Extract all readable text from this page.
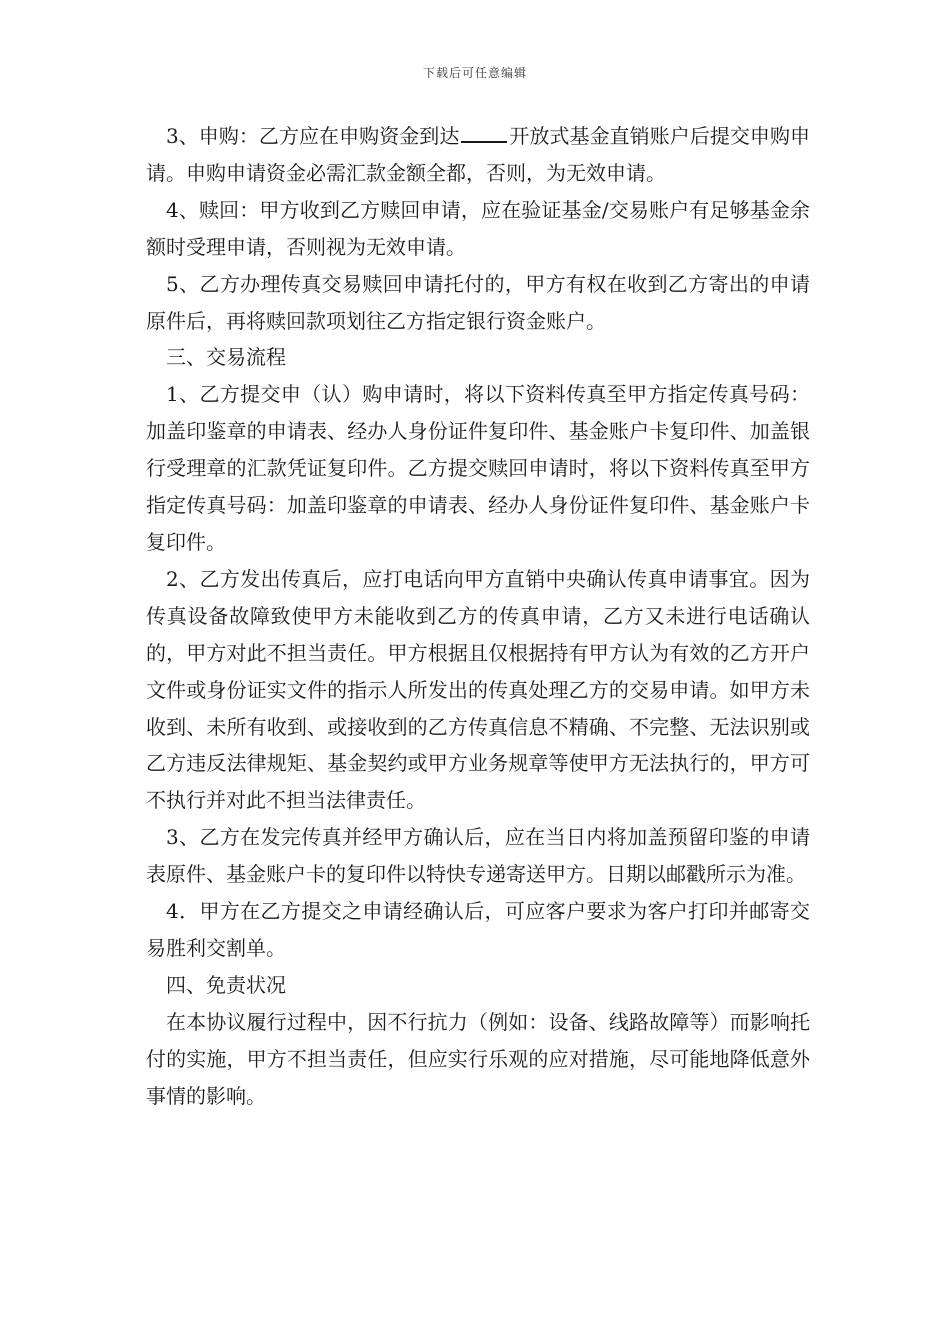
下载后可任意编辑

3、申购：乙方应在申购资金到达	开放式基金直销账户后提交申购申请。申购申请资金必需汇款金额全都，否则，为无效申请。

4、赎回：甲方收到乙方赎回申请，应在验证基金/交易账户有足够基金余额时受理申请，否则视为无效申请。

5、乙方办理传真交易赎回申请托付的，甲方有权在收到乙方寄出的申请原件后，再将赎回款项划往乙方指定银行资金账户。

三、交易流程

1、乙方提交申（认）购申请时，将以下资料传真至甲方指定传真号码：加盖印鉴章的申请表、经办人身份证件复印件、基金账户卡复印件、加盖银行受理章的汇款凭证复印件。乙方提交赎回申请时，将以下资料传真至甲方指定传真号码：加盖印鉴章的申请表、经办人身份证件复印件、基金账户卡复印件。

2、乙方发出传真后，应打电话向甲方直销中央确认传真申请事宜。因为传真设备故障致使甲方未能收到乙方的传真申请，乙方又未进行电话确认的，甲方对此不担当责任。甲方根据且仅根据持有甲方认为有效的乙方开户文件或身份证实文件的指示人所发出的传真处理乙方的交易申请。如甲方未收到、未所有收到、或接收到的乙方传真信息不精确、不完整、无法识别或乙方违反法律规矩、基金契约或甲方业务规章等使甲方无法执行的，甲方可不执行并对此不担当法律责任。

3、乙方在发完传真并经甲方确认后，应在当日内将加盖预留印鉴的申请表原件、基金账户卡的复印件以特快专递寄送甲方。日期以邮戳所示为准。

4．甲方在乙方提交之申请经确认后，可应客户要求为客户打印并邮寄交易胜利交割单。

四、免责状况

在本协议履行过程中，因不行抗力（例如：设备、线路故障等）而影响托付的实施，甲方不担当责任，但应实行乐观的应对措施，尽可能地降低意外事情的影响。
